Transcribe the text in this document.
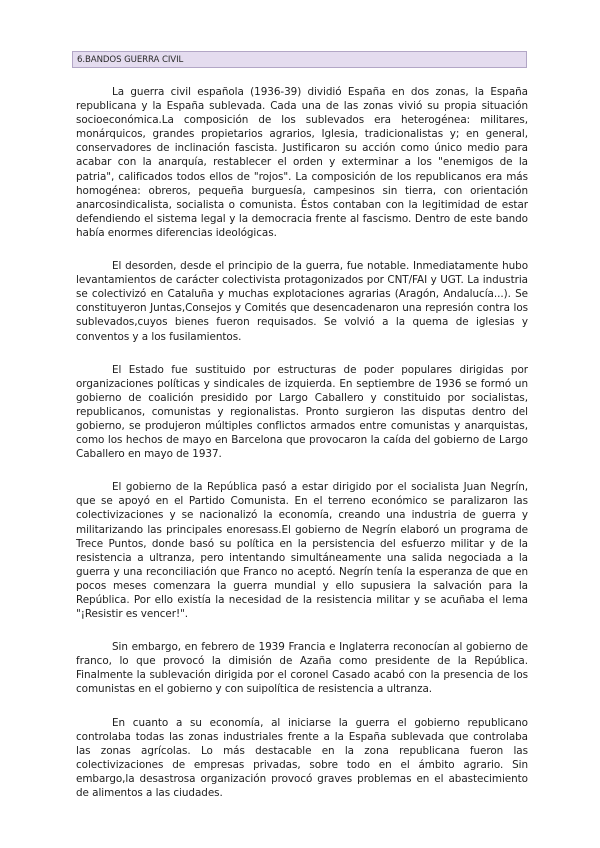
6.BANDOS GUERRA CIVIL

La guerra civil española (1936-39) dividió España en dos zonas, la España republicana y la España sublevada. Cada una de las zonas vivió su propia situación socioeconómica.La composición de los sublevados era heterogénea: militares, monárquicos, grandes propietarios agrarios, Iglesia, tradicionalistas y; en general, conservadores de inclinación fascista. Justificaron su acción como único medio para acabar con la anarquía, restablecer el orden y exterminar a los "enemigos de la patria", calificados todos ellos de "rojos". La composición de los republicanos era más homogénea: obreros, pequeña burguesía, campesinos sin tierra, con orientación anarcosindicalista, socialista o comunista. Éstos contaban con la legitimidad de estar defendiendo el sistema legal y la democracia frente al fascismo. Dentro de este bando había enormes diferencias ideológicas.

El desorden, desde el principio de la guerra, fue notable. Inmediatamente hubo levantamientos de carácter colectivista protagonizados por CNT/FAI y UGT. La industria se colectivizó en Cataluña y muchas explotaciones agrarias (Aragón, Andalucía...). Se constituyeron Juntas,Consejos y Comités que desencadenaron una represión contra los sublevados,cuyos bienes fueron requisados. Se volvió a la quema de iglesias y conventos y a los fusilamientos.

El Estado fue sustituido por estructuras de poder populares dirigidas por organizaciones políticas y sindicales de izquierda. En septiembre de 1936 se formó un gobierno de coalición presidido por Largo Caballero y constituido por socialistas, republicanos, comunistas y regionalistas. Pronto surgieron las disputas dentro del gobierno, se produjeron múltiples conflictos armados entre comunistas y anarquistas, como los hechos de mayo en Barcelona que provocaron la caída del gobierno de Largo Caballero en mayo de 1937.

El gobierno de la República pasó a estar dirigido por el socialista Juan Negrín, que se apoyó en el Partido Comunista. En el terreno económico se paralizaron las colectivizaciones y se nacionalizó la economía, creando una industria de guerra y militarizando las principales enoresass.El gobierno de Negrín elaboró un programa de Trece Puntos, donde basó su política en la persistencia del esfuerzo militar y de la resistencia a ultranza, pero intentando simultáneamente una salida negociada a la guerra y una reconciliación que Franco no aceptó. Negrín tenía la esperanza de que en pocos meses comenzara la guerra mundial y ello supusiera la salvación para la República. Por ello existía la necesidad de la resistencia militar y se acuñaba el lema "¡Resistir es vencer!".

Sin embargo, en febrero de 1939 Francia e Inglaterra reconocían al gobierno de franco, lo que provocó la dimisión de Azaña como presidente de la República. Finalmente la sublevación dirigida por el coronel Casado acabó con la presencia de los comunistas en el gobierno y con suipolítica de resistencia a ultranza.

En cuanto a su economía, al iniciarse la guerra el gobierno republicano controlaba todas las zonas industriales frente a la España sublevada que controlaba las zonas agrícolas. Lo más destacable en la zona republicana fueron las colectivizaciones de empresas privadas, sobre todo en el ámbito agrario. Sin embargo,la desastrosa organización provocó graves problemas en el abastecimiento de alimentos a las ciudades.
